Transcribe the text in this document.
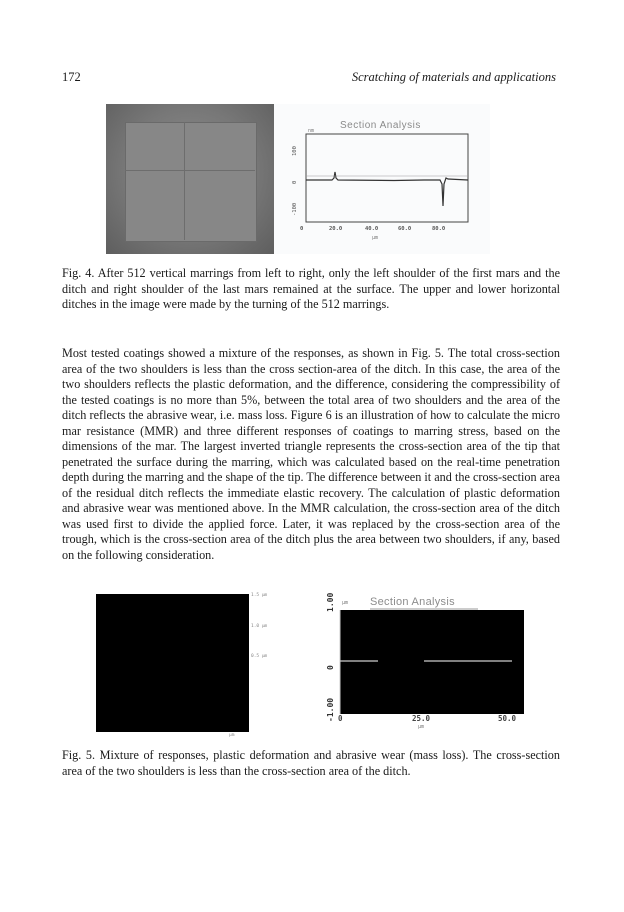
172	Scratching of materials and applications
nm	Section Analysis
100
0
-100
0	20.0	40.0	60.0	80.0
μm
Fig. 4. After 512 vertical marrings from left to right, only the left shoulder of the first mars and the ditch and right shoulder of the last mars remained at the surface. The upper and lower horizontal ditches in the image were made by the turning of the 512 marrings.
Most tested coatings showed a mixture of the responses, as shown in Fig. 5. The total cross-section area of the two shoulders is less than the cross section-area of the ditch. In this case, the area of the two shoulders reflects the plastic deformation, and the difference, considering the compressibility of the tested coatings is no more than 5%, between the total area of two shoulders and the area of the ditch reflects the abrasive wear, i.e. mass loss. Figure 6 is an illustration of how to calculate the micro mar resistance (MMR) and three different responses of coatings to marring stress, based on the dimensions of the mar. The largest inverted triangle represents the cross-section area of the tip that penetrated the surface during the marring, which was calculated based on the real-time penetration depth during the marring and the shape of the tip. The difference between it and the cross-section area of the residual ditch reflects the immediate elastic recovery. The calculation of plastic deformation and abrasive wear was mentioned above. In the MMR calculation, the cross-section area of the ditch was used first to divide the applied force. Later, it was replaced by the cross-section area of the trough, which is the cross-section area of the ditch plus the area between two shoulders, if any, based on the following consideration.
1.5 μm
1.0 μm
0.5 μm
μm
1.00 μm Section Analysis
0
-1.00 0	25.0	50.0
μm
Fig. 5. Mixture of responses, plastic deformation and abrasive wear (mass loss). The cross-section area of the two shoulders is less than the cross-section area of the ditch.
